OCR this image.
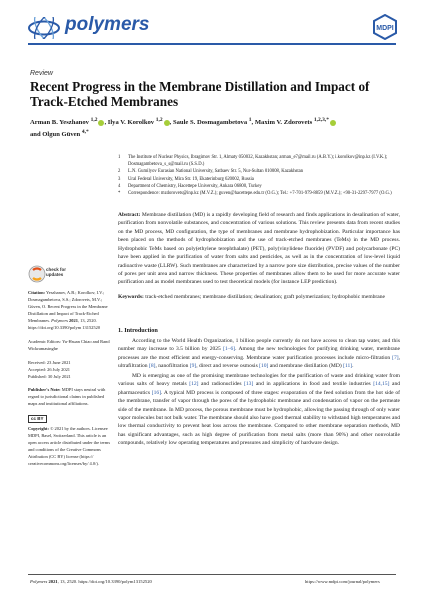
polymers	MDPI
Review
Recent Progress in the Membrane Distillation and Impact of Track-Etched Membranes
Arman B. Yeszhanov $^{1,2}$ , Ilya V. Korolkov $^{1,2}$ , Saule S. Dosmagambetova $^1$, Maxim V. Zdorovets $^{1,2,3,*}$
and Olgun Güven $^{4,*}$
1	The Institute of Nuclear Physics, Ibragimov Str. 1, Almaty 050032, Kazakhstan; arman_e7@mail.ru (A.B.Y.); i.korolkov@inp.kz (I.V.K.); Dosmagambetova_s_s@mail.ru (S.S.D.)
2	L.N. Gumilyov Eurasian National University, Satbaev Str. 5, Nur-Sultan 010008, Kazakhstan
3	Ural Federal University, Mira Str. 19, Ekaterinburg 620002, Russia
4	Department of Chemistry, Hacettepe University, Ankara 06800, Turkey
*	Correspondence: mzdorovets@inp.kz (M.V.Z.); guven@hacettepe.edu.tr (O.G.); Tel.: +7-701-979-8859 (M.V.Z.); +90-31-2297-7977 (O.G.)
Abstract: Membrane distillation (MD) is a rapidly developing field of research and finds applications in desalination of water, purification from nonvolatile substances, and concentration of various solutions. This review presents data from recent studies on the MD process, MD configuration, the type of membranes and membrane hydrophobization. Particular importance has been placed on the methods of hydrophobization and the use of track-etched membranes (TeMs) in the MD process. Hydrophobic TeMs based on poly(ethylene terephthalate) (PET), poly(vinylidene fluoride) (PVDF) and polycarbonate (PC) have been applied in the purification of water from salts and pesticides, as well as in the concentration of low-level liquid radioactive waste (LLRW). Such membranes are characterized by a narrow pore size distribution, precise values of the number of pores per unit area and narrow thickness. These properties of membranes allow them to be used for more accurate water purification and as model membranes used to test theoretical models (for instance LEP prediction).
Keywords: track-etched membranes; membrane distillation; desalination; graft polymerization; hydrophobic membrane
check for
updates
Citation: Yeszhanov, A.B.; Korolkov, I.V.; Dosmagambetova, S.S.; Zdorovets, M.V.; Güven, O. Recent Progress in the Membrane Distillation and Impact of Track-Etched Membranes. Polymers 2021, 13, 2520. https://doi.org/10.3390/polym 13152520
Academic Editors: Yu-Hsuan Chiao and Rand Wickramasinghe
Received: 23 June 2021
Accepted: 26 July 2021
Published: 30 July 2021
Publisher's Note: MDPI stays neutral with regard to jurisdictional claims in published maps and institutional affiliations.
cc BY
Copyright: © 2021 by the authors. Licensee MDPI, Basel, Switzerland. This article is an open access article distributed under the terms and conditions of the Creative Commons Attribution (CC BY) license (https:// creativecommons.org/licenses/by/ 4.0/).
1. Introduction

According to the World Health Organization, 1 billion people currently do not have access to clean tap water, and this number may increase to 3.5 billion by 2025 [1–6]. Among the new technologies for purifying drinking water, membrane processes are the most efficient and energy-conserving. Membrane water purification processes include micro-filtration [7], ultrafiltration [8], nanofiltration [9], direct and reverse osmosis [10] and membrane distillation (MD) [11].

MD is emerging as one of the promising membrane technologies for the purification of waste and drinking water from various salts of heavy metals [12] and radionuclides [13] and in applications in food and textile industries [14,15] and pharmaceutics [16]. A typical MD process is composed of three stages: evaporation of the feed solution from the hot side of the membrane, transfer of vapor through the pores of the hydrophobic membrane and condensation of vapor on the permeate side of the membrane. In MD process, the porous membrane must be hydrophobic, allowing the passing through of only water vapor molecules but not bulk water. The membrane should also have good thermal stability to withstand high temperatures and low thermal conductivity to prevent heat loss across the membrane. Compared to other membrane separation methods, MD has significant advantages, such as high degree of purification from metal salts (more than 90%) and other nonvolatile compounds, relatively low operating temperatures and pressures and simplicity of hardware design.

Polymers 2021, 13, 2520. https://doi.org/10.3390/polym13152520	https://www.mdpi.com/journal/polymers
